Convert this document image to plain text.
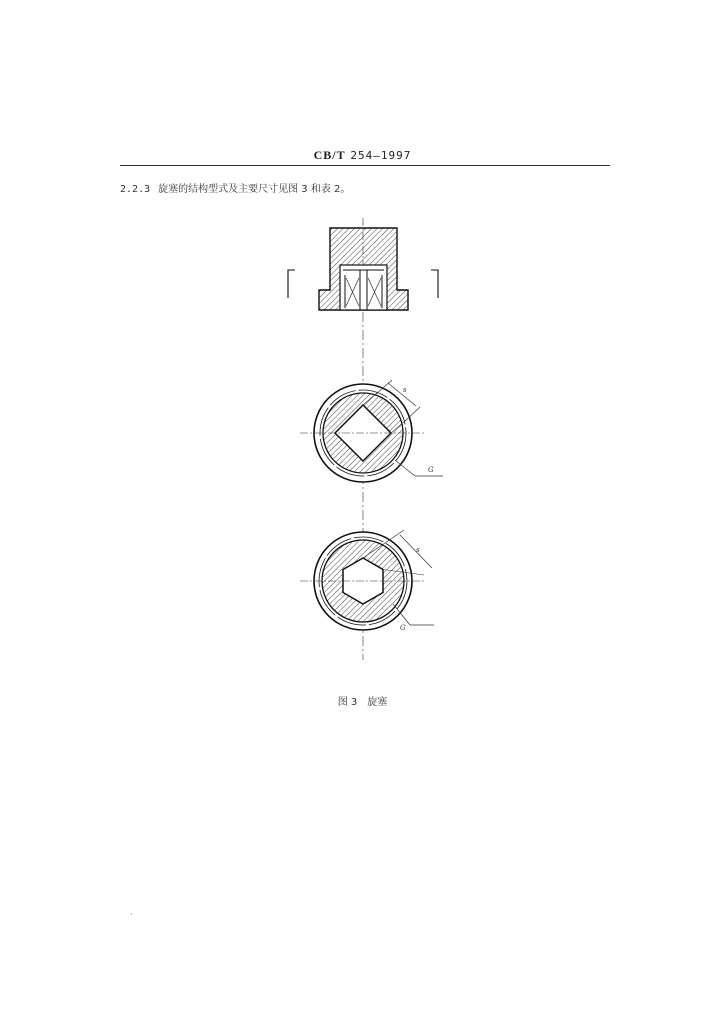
CB/T 254—1997
2.2.3 旋塞的结构型式及主要尺寸见图 3 和表 2。
s
G
s
G
图 3 旋塞
·
